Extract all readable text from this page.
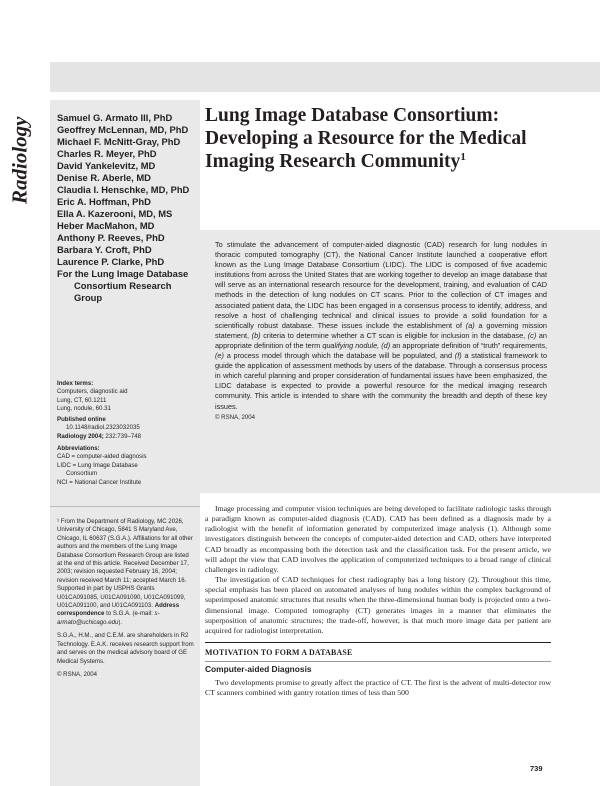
Radiology	Samuel G. Armato III, PhD
Geoffrey McLennan, MD, PhD
Michael F. McNitt-Gray, PhD
Charles R. Meyer, PhD
David Yankelevitz, MD
Denise R. Aberle, MD
Claudia I. Henschke, MD, PhD
Eric A. Hoffman, PhD
Ella A. Kazerooni, MD, MS
Heber MacMahon, MD
Anthony P. Reeves, PhD
Barbara Y. Croft, PhD
Laurence P. Clarke, PhD
For the Lung Image Database Consortium Research Group
Index terms:
Computers, diagnostic aid
Lung, CT, 60.1211
Lung, nodule, 60.31
Published online
10.1148/radiol.2323032035
Radiology 2004; 232:739–748
Abbreviations:
CAD = computer-aided diagnosis
LIDC = Lung Image Database
Consortium
NCI = National Cancer Institute
¹ From the Department of Radiology, MC 2026, University of Chicago, 5841 S Maryland Ave, Chicago, IL 60637 (S.G.A.). Affiliations for all other authors and the members of the Lung Image Database Consortium Research Group are listed at the end of this article. Received December 17, 2003; revision requested February 16, 2004; revision received March 11; accepted March 16. Supported in part by USPHS Grants U01CA091085, U01CA091090, U01CA091099, U01CA091100, and U01CA091103. Address correspondence to S.G.A. (e-mail: s-armato@uchicago.edu).
S.G.A., H.M., and C.E.M. are shareholders in R2 Technology. E.A.K. receives research support from and serves on the medical advisory board of GE Medical Systems.
© RSNA, 2004
Lung Image Database Consortium: Developing a Resource for the Medical Imaging Research Community$^1$
To stimulate the advancement of computer-aided diagnostic (CAD) research for lung nodules in thoracic computed tomography (CT), the National Cancer Institute launched a cooperative effort known as the Lung Image Database Consortium (LIDC). The LIDC is composed of five academic institutions from across the United States that are working together to develop an image database that will serve as an international research resource for the development, training, and evaluation of CAD methods in the detection of lung nodules on CT scans. Prior to the collection of CT images and associated patient data, the LIDC has been engaged in a consensus process to identify, address, and resolve a host of challenging technical and clinical issues to provide a solid foundation for a scientifically robust database. These issues include the establishment of (a) a governing mission statement, (b) criteria to determine whether a CT scan is eligible for inclusion in the database, (c) an appropriate definition of the term qualifying nodule, (d) an appropriate definition of “truth” requirements, (e) a process model through which the database will be populated, and (f) a statistical framework to guide the application of assessment methods by users of the database. Through a consensus process in which careful planning and proper consideration of fundamental issues have been emphasized, the LIDC database is expected to provide a powerful resource for the medical imaging research community. This article is intended to share with the community the breadth and depth of these key issues.
© RSNA, 2004

Image processing and computer vision techniques are being developed to facilitate radiologic tasks through a paradigm known as computer-aided diagnosis (CAD). CAD has been defined as a diagnosis made by a radiologist with the benefit of information generated by computerized image analysis (1). Although some investigators distinguish between the concepts of computer-aided detection and CAD, others have interpreted CAD broadly as encompassing both the detection task and the classification task. For the present article, we will adopt the view that CAD involves the application of computerized techniques to a broad range of clinical challenges in radiology.

The investigation of CAD techniques for chest radiography has a long history (2). Throughout this time, special emphasis has been placed on automated analyses of lung nodules within the complex background of superimposed anatomic structures that results when the three-dimensional human body is projected onto a two-dimensional image. Computed tomography (CT) generates images in a manner that eliminates the superposition of anatomic structures; the trade-off, however, is that much more image data per patient are acquired for radiologist interpretation.

MOTIVATION TO FORM A DATABASE
Computer-aided Diagnosis

Two developments promise to greatly affect the practice of CT. The first is the advent of multi-detector row CT scanners combined with gantry rotation times of less than 500

739
